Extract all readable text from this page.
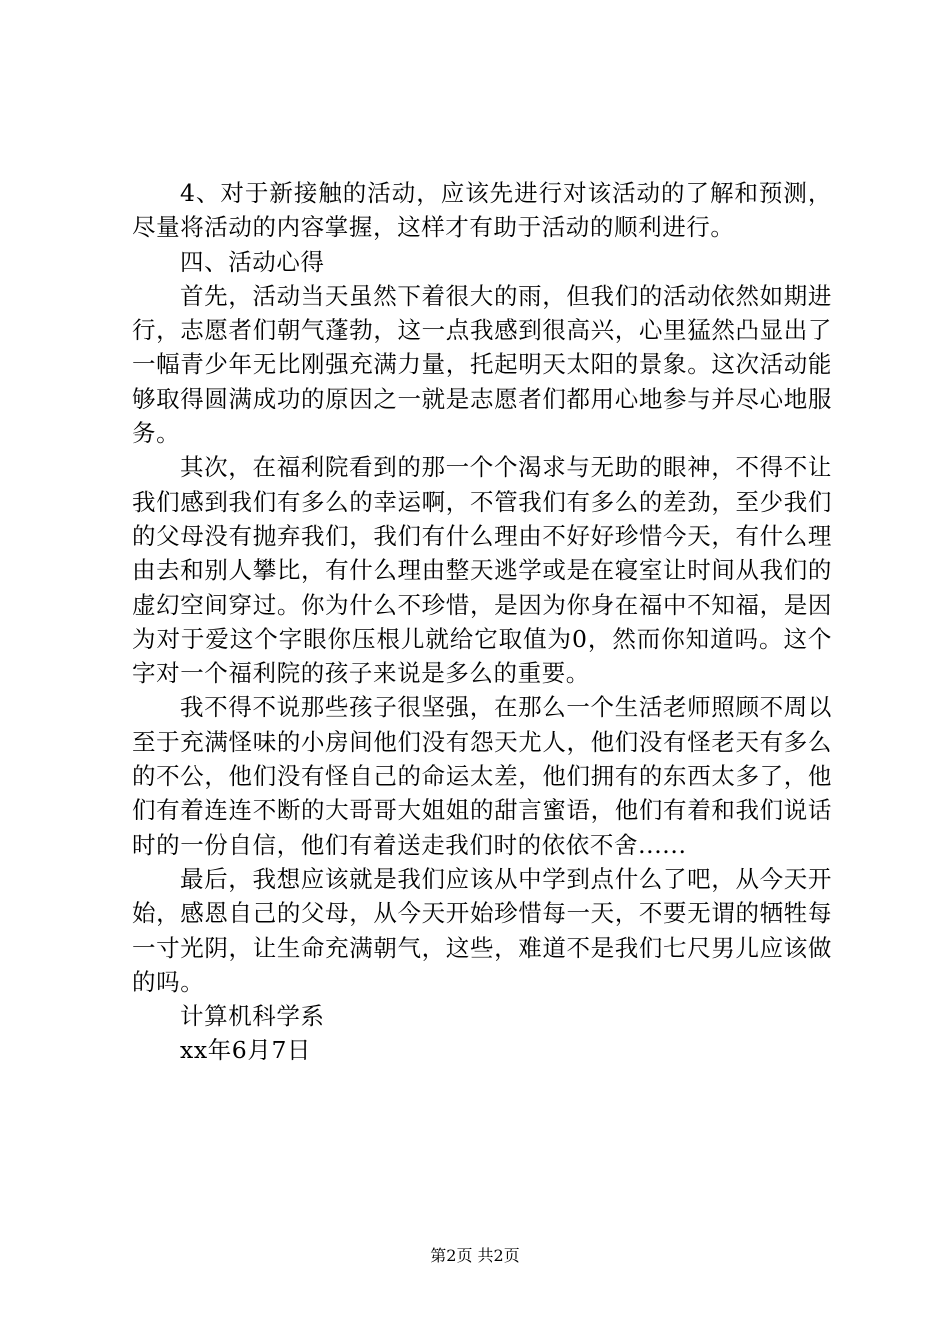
4、对于新接触的活动，应该先进行对该活动的了解和预测，尽量将活动的内容掌握，这样才有助于活动的顺利进行。

四、活动心得

首先，活动当天虽然下着很大的雨，但我们的活动依然如期进行，志愿者们朝气蓬勃，这一点我感到很高兴，心里猛然凸显出了一幅青少年无比刚强充满力量，托起明天太阳的景象。这次活动能够取得圆满成功的原因之一就是志愿者们都用心地参与并尽心地服务。

其次，在福利院看到的那一个个渴求与无助的眼神，不得不让我们感到我们有多么的幸运啊，不管我们有多么的差劲，至少我们的父母没有抛弃我们，我们有什么理由不好好珍惜今天，有什么理由去和别人攀比，有什么理由整天逃学或是在寝室让时间从我们的虚幻空间穿过。你为什么不珍惜，是因为你身在福中不知福，是因为对于爱这个字眼你压根儿就给它取值为0，然而你知道吗。这个字对一个福利院的孩子来说是多么的重要。

我不得不说那些孩子很坚强，在那么一个生活老师照顾不周以至于充满怪味的小房间他们没有怨天尤人，他们没有怪老天有多么的不公，他们没有怪自己的命运太差，他们拥有的东西太多了，他们有着连连不断的大哥哥大姐姐的甜言蜜语，他们有着和我们说话时的一份自信，他们有着送走我们时的依依不舍......

最后，我想应该就是我们应该从中学到点什么了吧，从今天开始，感恩自己的父母，从今天开始珍惜每一天，不要无谓的牺牲每一寸光阴，让生命充满朝气，这些，难道不是我们七尺男儿应该做的吗。

计算机科学系

xx年6月7日

第2页 共2页
